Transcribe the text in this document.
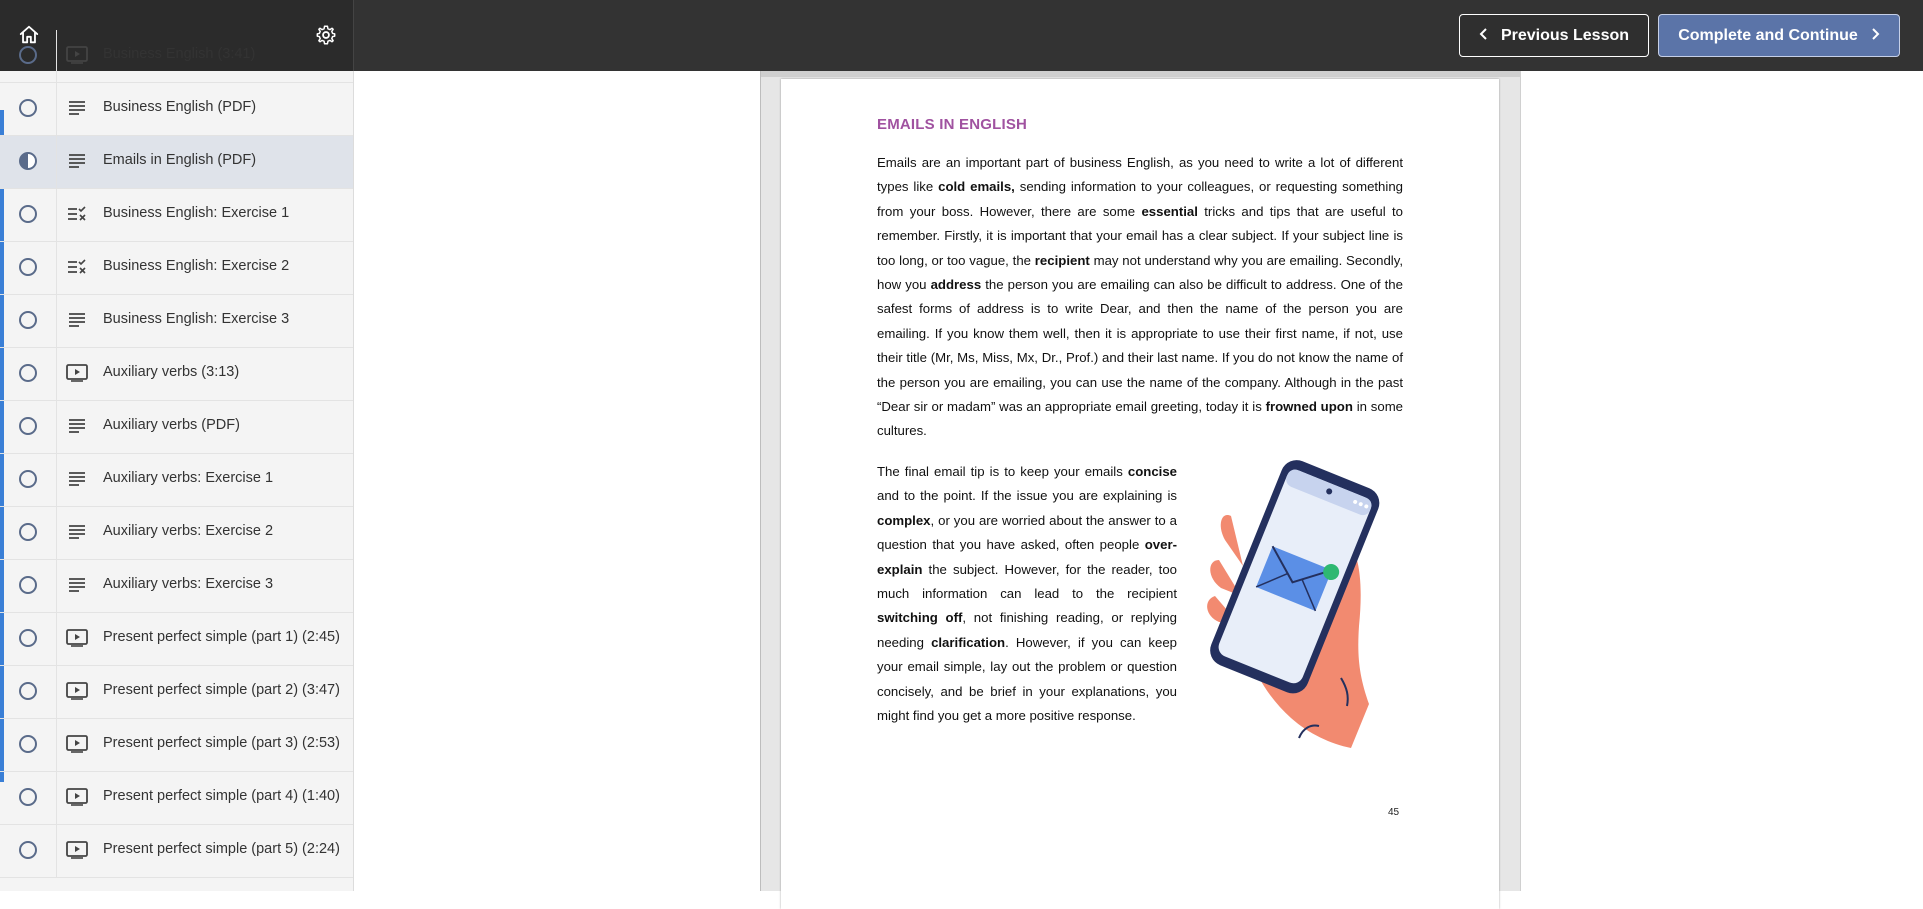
Previous Lesson	Complete and Continue
Business English (3:41)
Business English (PDF)
Emails in English (PDF)
Business English: Exercise 1
Business English: Exercise 2
Business English: Exercise 3
Auxiliary verbs (3:13)
Auxiliary verbs (PDF)
Auxiliary verbs: Exercise 1
Auxiliary verbs: Exercise 2
Auxiliary verbs: Exercise 3
Present perfect simple (part 1) (2:45)
Present perfect simple (part 2) (3:47)
Present perfect simple (part 3) (2:53)
Present perfect simple (part 4) (1:40)
Present perfect simple (part 5) (2:24)
EMAILS IN ENGLISH

Emails are an important part of business English, as you need to write a lot of different types like cold emails, sending information to your colleagues, or requesting something from your boss. However, there are some essential tricks and tips that are useful to remember. Firstly, it is important that your email has a clear subject. If your subject line is too long, or too vague, the recipient may not understand why you are emailing. Secondly, how you address the person you are emailing can also be difficult to address. One of the safest forms of address is to write Dear, and then the name of the person you are emailing. If you know them well, then it is appropriate to use their first name, if not, use their title (Mr, Ms, Miss, Mx, Dr., Prof.) and their last name. If you do not know the name of the person you are emailing, you can use the name of the company. Although in the past “Dear sir or madam” was an appropriate email greeting, today it is frowned upon in some cultures.

The final email tip is to keep your emails concise and to the point. If the issue you are explaining is complex, or you are worried about the answer to a question that you have asked, often people over-explain the subject. However, for the reader, too much information can lead to the recipient switching off, not finishing reading, or replying needing clarification. However, if you can keep your email simple, lay out the problem or question concisely, and be brief in your explanations, you might find you get a more positive response.

45
